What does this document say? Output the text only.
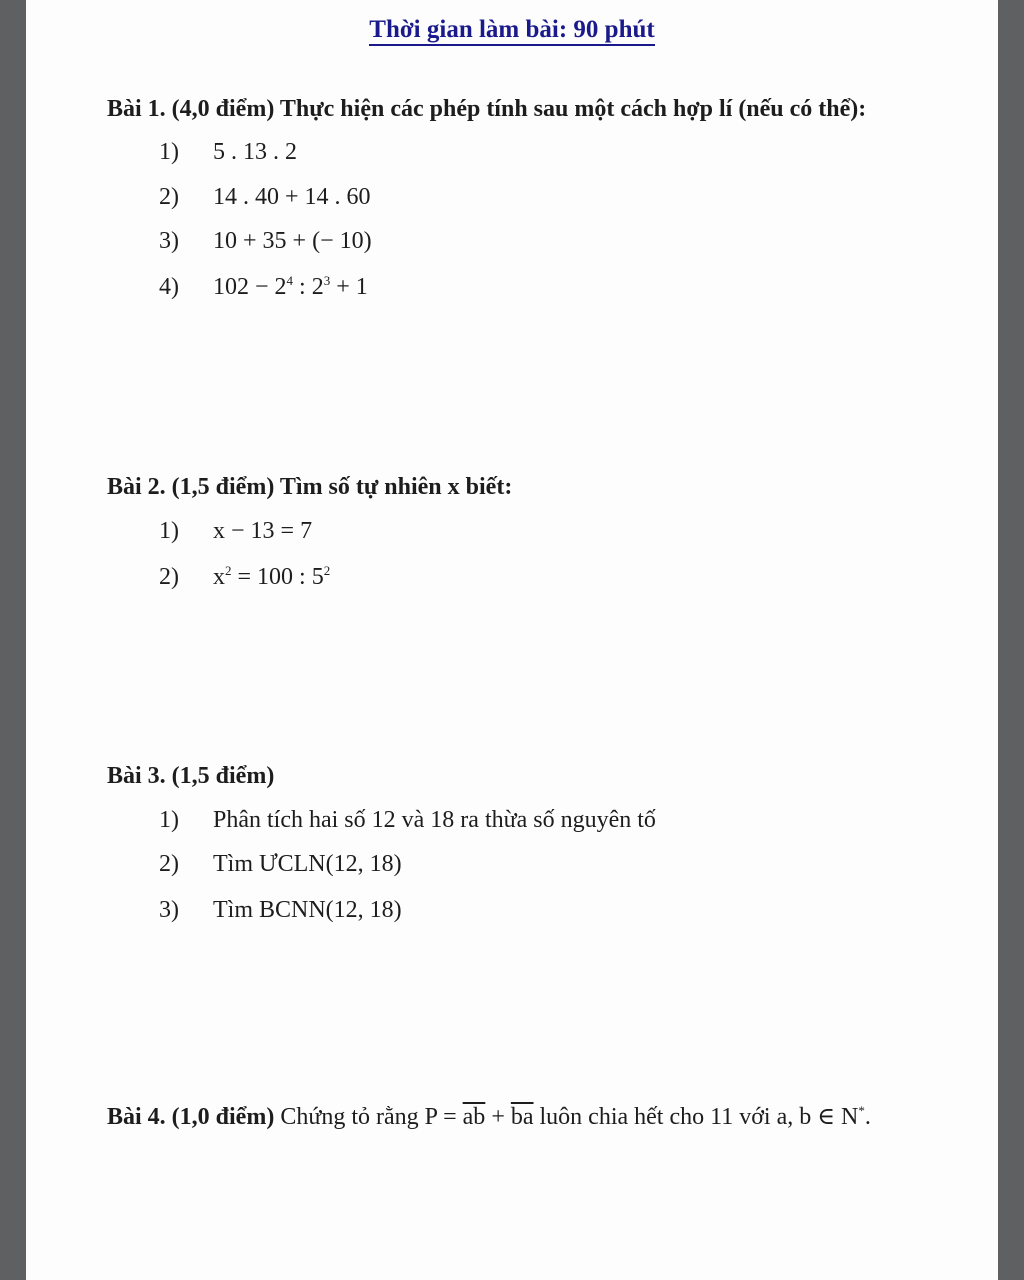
Thời gian làm bài: 90 phút
Bài 1. (4,0 điểm) Thực hiện các phép tính sau một cách hợp lí (nếu có thể):
1) 5 . 13 . 2
2) 14 . 40 + 14 . 60
3) 10 + 35 + (− 10)
4) $102 - 2^4$ : $2^3 + 1$
Bài 2. (1,5 điểm) Tìm số tự nhiên x biết:
1) x − 13 = 7
2) $x^2 = 100$ : $5^2$
Bài 3. (1,5 điểm)
1) Phân tích hai số 12 và 18 ra thừa số nguyên tố
2) Tìm ƯCLN(12, 18)
3) Tìm BCNN(12, 18)
Bài 4. (1,0 điểm) Chứng tỏ rằng $P = \overline{ab} + \overline{ba}$ luôn chia hết cho 11 với a, b ∈ N*.
